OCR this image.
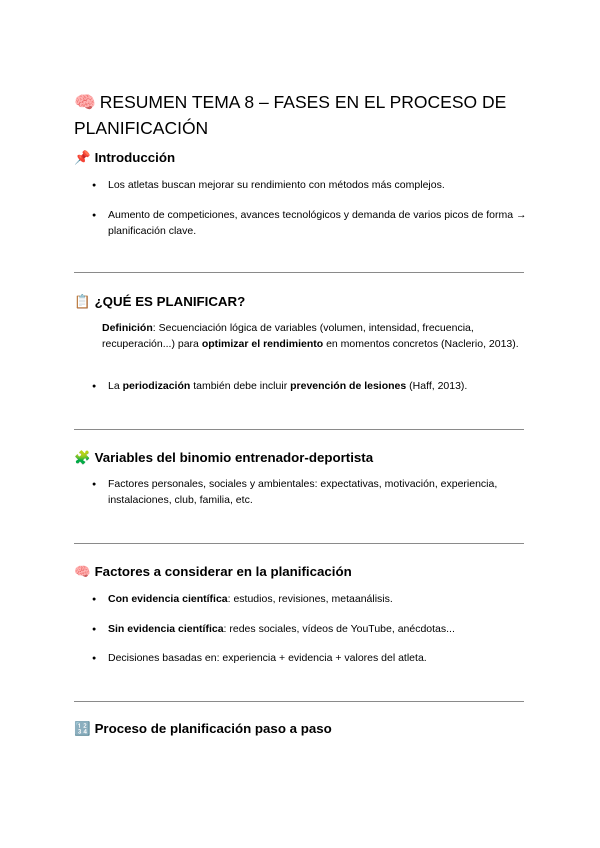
🧠 RESUMEN TEMA 8 – FASES EN EL PROCESO DE PLANIFICACIÓN
📌 Introducción

● Los atletas buscan mejorar su rendimiento con métodos más complejos.

● Aumento de competiciones, avances tecnológicos y demanda de varios picos de forma → planificación clave.

📋 ¿QUÉ ES PLANIFICAR?

Definición: Secuenciación lógica de variables (volumen, intensidad, frecuencia, recuperación...) para optimizar el rendimiento en momentos concretos (Naclerio, 2013).

● La periodización también debe incluir prevención de lesiones (Haff, 2013).

🧩 Variables del binomio entrenador-deportista

● Factores personales, sociales y ambientales: expectativas, motivación, experiencia, instalaciones, club, familia, etc.

🧠 Factores a considerar en la planificación

● Con evidencia científica: estudios, revisiones, metaanálisis.

● Sin evidencia científica: redes sociales, vídeos de YouTube, anécdotas...

● Decisiones basadas en: experiencia + evidencia + valores del atleta.

🔢 Proceso de planificación paso a paso
